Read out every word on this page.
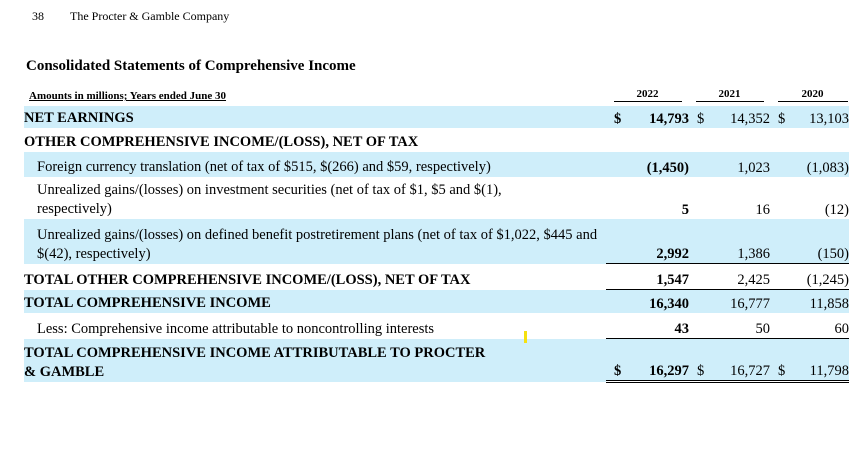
38 The Procter & Gamble Company
Consolidated Statements of Comprehensive Income
Amounts in millions; Years ended June 30	2022	2021	2020
NET EARNINGS	$ 14,793	$ 14,352	$ 13,103
OTHER COMPREHENSIVE INCOME/(LOSS), NET OF TAX			
Foreign currency translation (net of tax of $515, $(266) and $59, respectively)	(1,450)	1,023	(1,083)
Unrealized gains/(losses) on investment securities (net of tax of $1, $5 and $(1), respectively)	5	16	(12)
Unrealized gains/(losses) on defined benefit postretirement plans (net of tax of $1,022, $445 and $(42), respectively)	2,992	1,386	(150)
TOTAL OTHER COMPREHENSIVE INCOME/(LOSS), NET OF TAX	1,547	2,425	(1,245)
TOTAL COMPREHENSIVE INCOME	16,340	16,777	11,858
Less: Comprehensive income attributable to noncontrolling interests	43	50	60
TOTAL COMPREHENSIVE INCOME ATTRIBUTABLE TO PROCTER & GAMBLE	$ 16,297	$ 16,727	$ 11,798
